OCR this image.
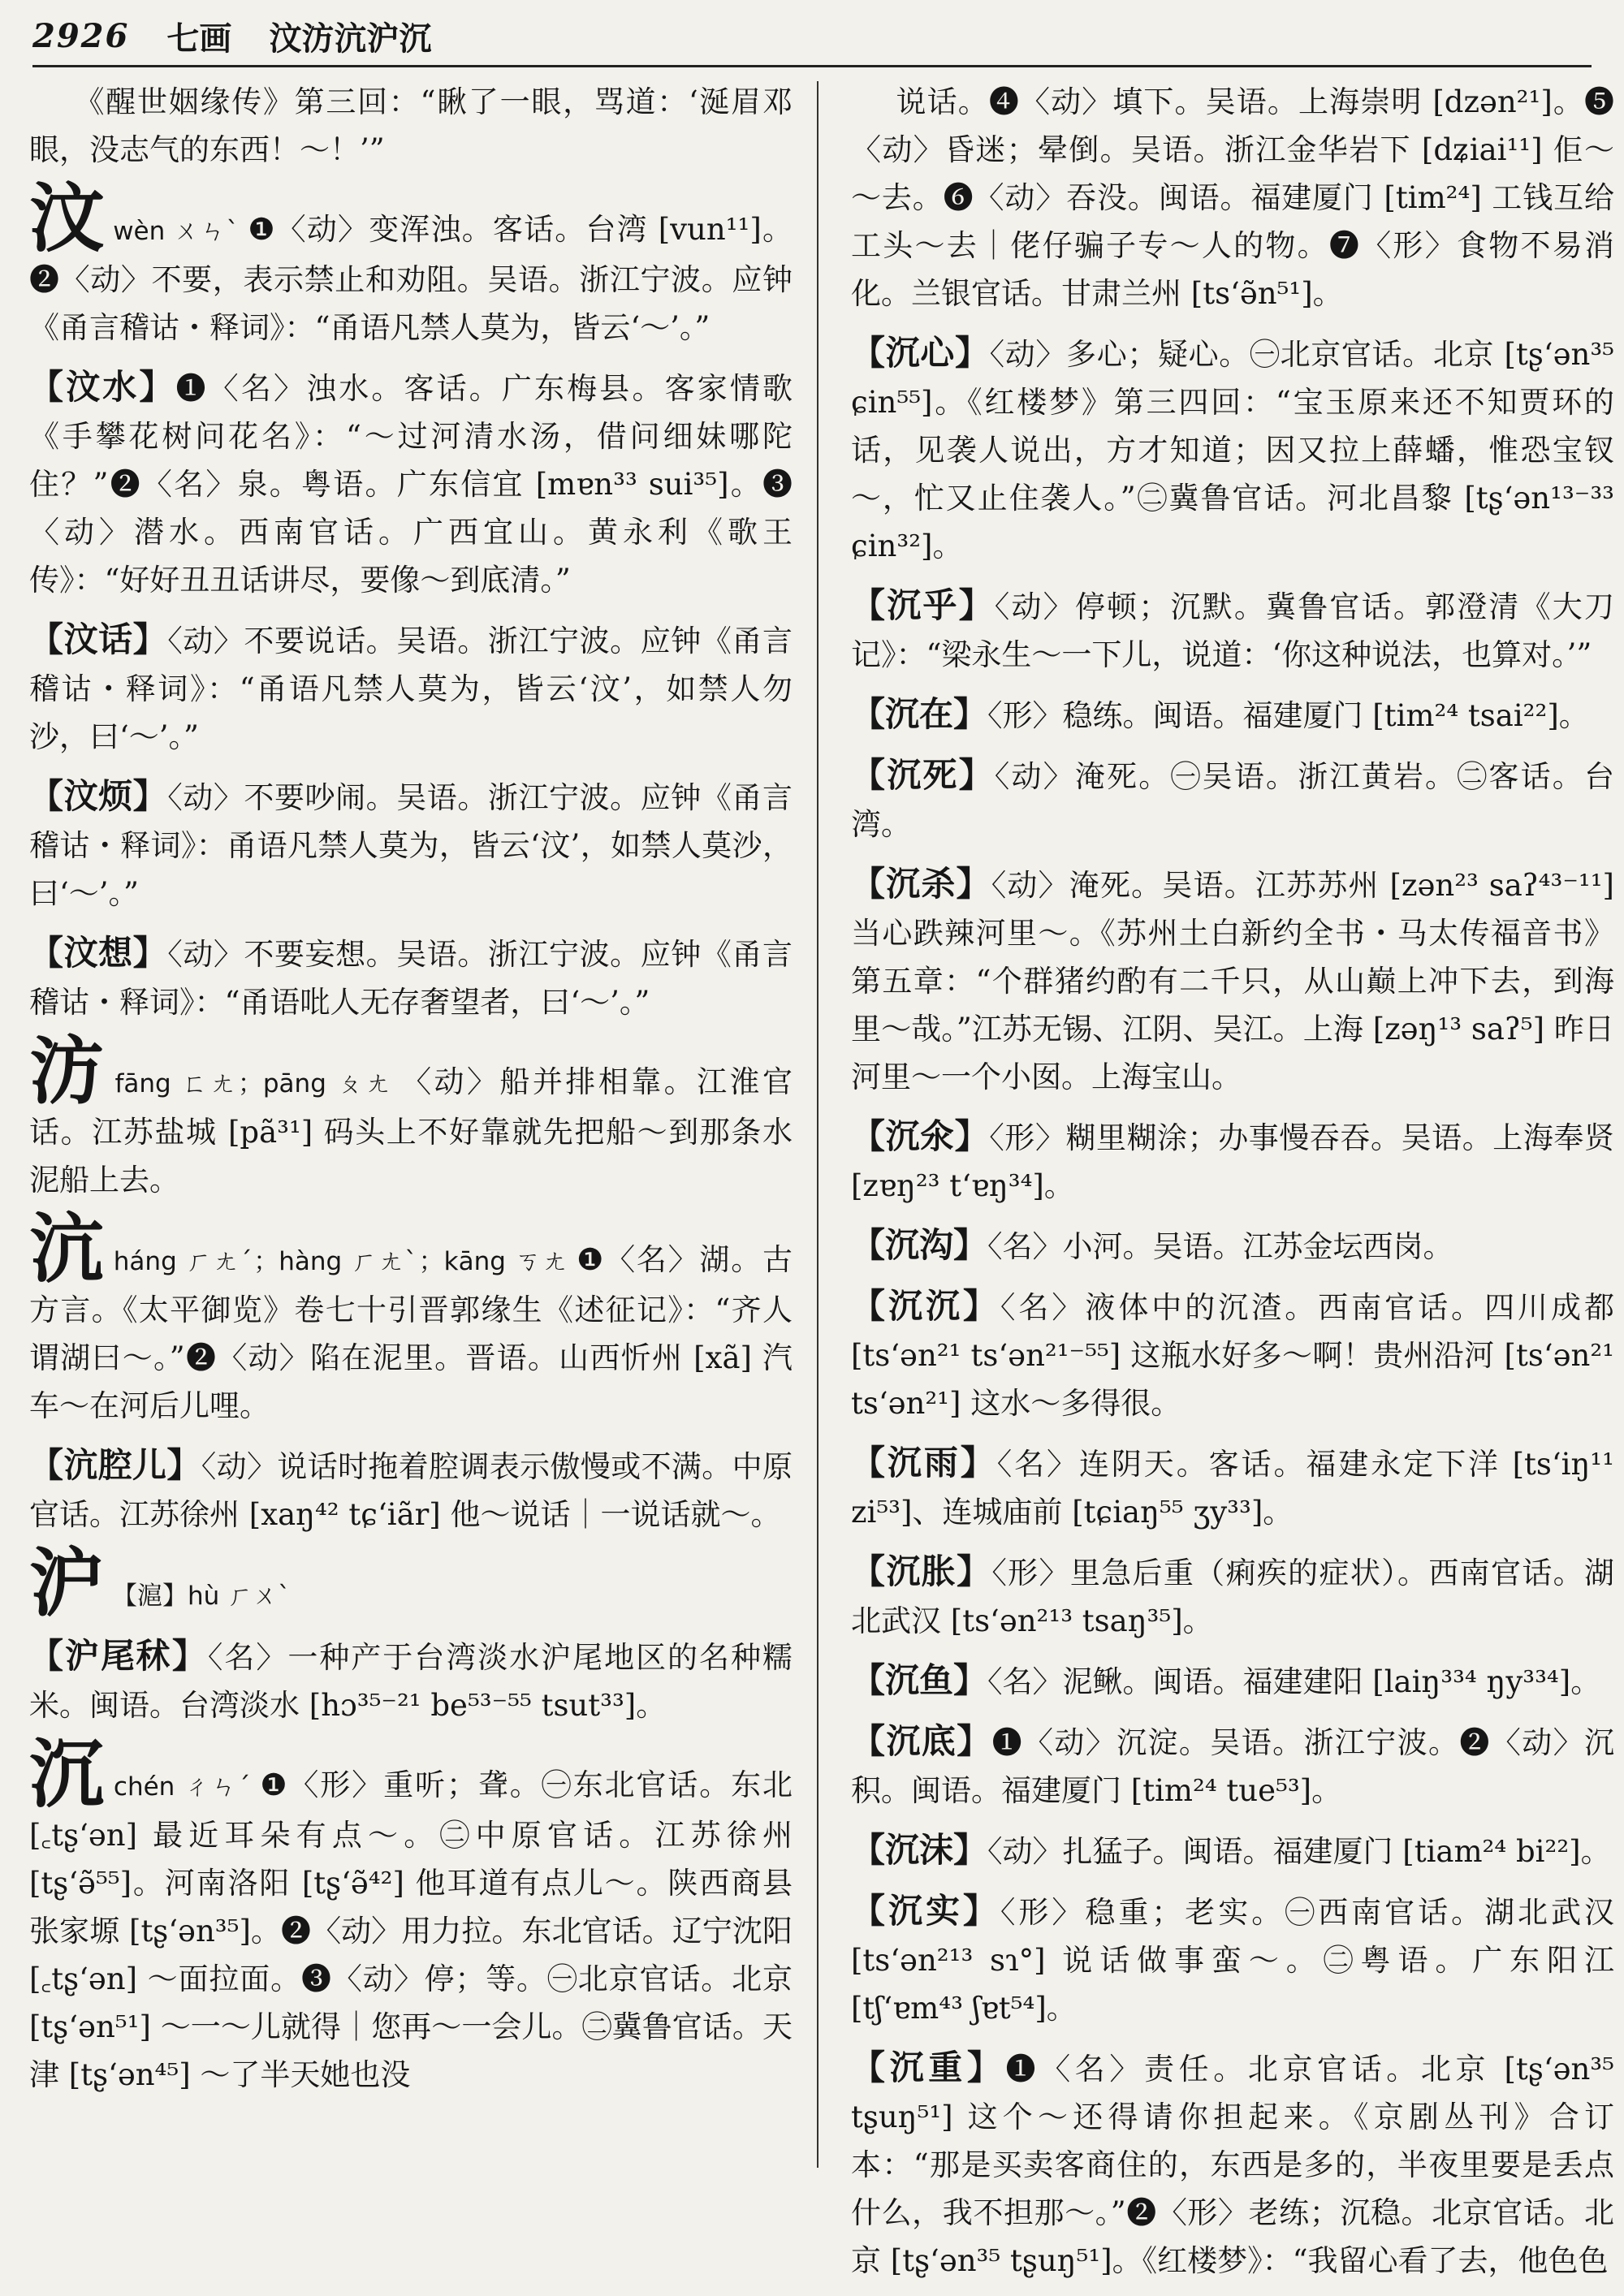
2926 七画 汶汸沆沪沉

《醒世姻缘传》第三回：“瞅了一眼，骂道：‘涎眉邓眼，没志气的东西！～！’”

汶wèn ㄨㄣˋ ❶〈动〉变浑浊。客话。台湾 [vun¹¹]。❷〈动〉不要，表示禁止和劝阻。吴语。浙江宁波。应钟《甬言稽诂・释词》：“甬语凡禁人莫为，皆云‘～’。”

【汶水】❶〈名〉浊水。客话。广东梅县。客家情歌《手攀花树问花名》：“～过河清水汤，借问细妹哪陀住？”❷〈名〉泉。粤语。广东信宜 [mɐn³³ sui³⁵]。❸〈动〉潜水。西南官话。广西宜山。黄永利《歌王传》：“好好丑丑话讲尽，要像～到底清。”

【汶话】〈动〉不要说话。吴语。浙江宁波。应钟《甬言稽诂・释词》：“甬语凡禁人莫为，皆云‘汶’，如禁人勿沙，曰‘～’。”

【汶烦】〈动〉不要吵闹。吴语。浙江宁波。应钟《甬言稽诂・释词》：甬语凡禁人莫为，皆云‘汶’，如禁人莫沙，曰‘～’。”

【汶想】〈动〉不要妄想。吴语。浙江宁波。应钟《甬言稽诂・释词》：“甬语吡人无存奢望者，曰‘～’。”

汸fāng ㄈㄤ；pāng ㄆㄤ 〈动〉船并排相靠。江淮官话。江苏盐城 [pã³¹] 码头上不好靠就先把船～到那条水泥船上去。

沆háng ㄏㄤˊ；hàng ㄏㄤˋ；kāng ㄎㄤ ❶〈名〉湖。古方言。《太平御览》卷七十引晋郭缘生《述征记》：“齐人谓湖曰～。”❷〈动〉陷在泥里。晋语。山西忻州 [xã] 汽车～在河后儿哩。

【沆腔儿】〈动〉说话时拖着腔调表示傲慢或不满。中原官话。江苏徐州 [xaŋ⁴² tɕʻiãr] 他～说话｜一说话就～。

沪 【滬】hù ㄏㄨˋ

【沪尾秫】〈名〉一种产于台湾淡水沪尾地区的名种糯米。闽语。台湾淡水 [hɔ³⁵⁻²¹ be⁵³⁻⁵⁵ tsut³³]。

沉chén ㄔㄣˊ ❶〈形〉重听；聋。㊀东北官话。东北 [꜀tʂʻən] 最近耳朵有点～。㊁中原官话。江苏徐州 [tʂʻə̃⁵⁵]。河南洛阳 [tʂʻə̃⁴²] 他耳道有点儿～。陕西商县张家塬 [tʂʻən³⁵]。❷〈动〉用力拉。东北官话。辽宁沈阳 [꜀tʂʻən] ～面拉面。❸〈动〉停；等。㊀北京官话。北京 [tʂʻən⁵¹] ～一～儿就得｜您再～一会儿。㊁冀鲁官话。天津 [tʂʻən⁴⁵] ～了半天她也没

说话。❹〈动〉填下。吴语。上海崇明 [dzən²¹]。❺〈动〉昏迷；晕倒。吴语。浙江金华岩下 [dʑiai¹¹] 佢～～去。❻〈动〉吞没。闽语。福建厦门 [tim²⁴] 工钱互给工头～去｜佬仔骗子专～人的物。❼〈形〉食物不易消化。兰银官话。甘肃兰州 [tsʻə̃n⁵¹]。

【沉心】〈动〉多心；疑心。㊀北京官话。北京 [tʂʻən³⁵ ɕin⁵⁵]。《红楼梦》第三四回：“宝玉原来还不知贾环的话，见袭人说出，方才知道；因又拉上薛蟠，惟恐宝钗～，忙又止住袭人。”㊁冀鲁官话。河北昌黎 [tʂʻən¹³⁻³³ ɕin³²]。

【沉乎】〈动〉停顿；沉默。冀鲁官话。郭澄清《大刀记》：“梁永生～一下儿，说道：‘你这种说法，也算对。’”

【沉在】〈形〉稳练。闽语。福建厦门 [tim²⁴ tsai²²]。

【沉死】〈动〉淹死。㊀吴语。浙江黄岩。㊁客话。台湾。

【沉杀】〈动〉淹死。吴语。江苏苏州 [zən²³ saʔ⁴³⁻¹¹] 当心跌辣河里～。《苏州土白新约全书・马太传福音书》第五章：“个群猪约酌有二千只，从山巅上冲下去，到海里～哉。”江苏无锡、江阴、吴江。上海 [zəŋ¹³ saʔ⁵] 昨日河里～一个小囡。上海宝山。

【沉氽】〈形〉糊里糊涂；办事慢吞吞。吴语。上海奉贤 [zɐŋ²³ tʻɐŋ³⁴]。

【沉沟】〈名〉小河。吴语。江苏金坛西岗。

【沉沉】〈名〉液体中的沉渣。西南官话。四川成都 [tsʻən²¹ tsʻən²¹⁻⁵⁵] 这瓶水好多～啊！贵州沿河 [tsʻən²¹ tsʻən²¹] 这水～多得很。

【沉雨】〈名〉连阴天。客话。福建永定下洋 [tsʻiŋ¹¹ zi⁵³]、连城庙前 [tɕiaŋ⁵⁵ ʒy³³]。

【沉胀】〈形〉里急后重（痢疾的症状）。西南官话。湖北武汉 [tsʻən²¹³ tsaŋ³⁵]。

【沉鱼】〈名〉泥鳅。闽语。福建建阳 [laiŋ³³⁴ ŋy³³⁴]。

【沉底】❶〈动〉沉淀。吴语。浙江宁波。❷〈动〉沉积。闽语。福建厦门 [tim²⁴ tue⁵³]。

【沉沫】〈动〉扎猛子。闽语。福建厦门 [tiam²⁴ bi²²]。

【沉实】〈形〉稳重；老实。㊀西南官话。湖北武汉 [tsʻən²¹³ sɿ°] 说话做事蛮～。㊁粤语。广东阳江 [tʃʻɐm⁴³ ʃɐt⁵⁴]。

【沉重】❶〈名〉责任。北京官话。北京 [tʂʻən³⁵ tʂuŋ⁵¹] 这个～还得请你担起来。《京剧丛刊》合订本：“那是买卖客商住的，东西是多的，半夜里要是丢点什么，我不担那～。”❷〈形〉老练；沉稳。北京官话。北京 [tʂʻən³⁵ tʂuŋ⁵¹]。《红楼梦》：“我留心看了去，他色色
